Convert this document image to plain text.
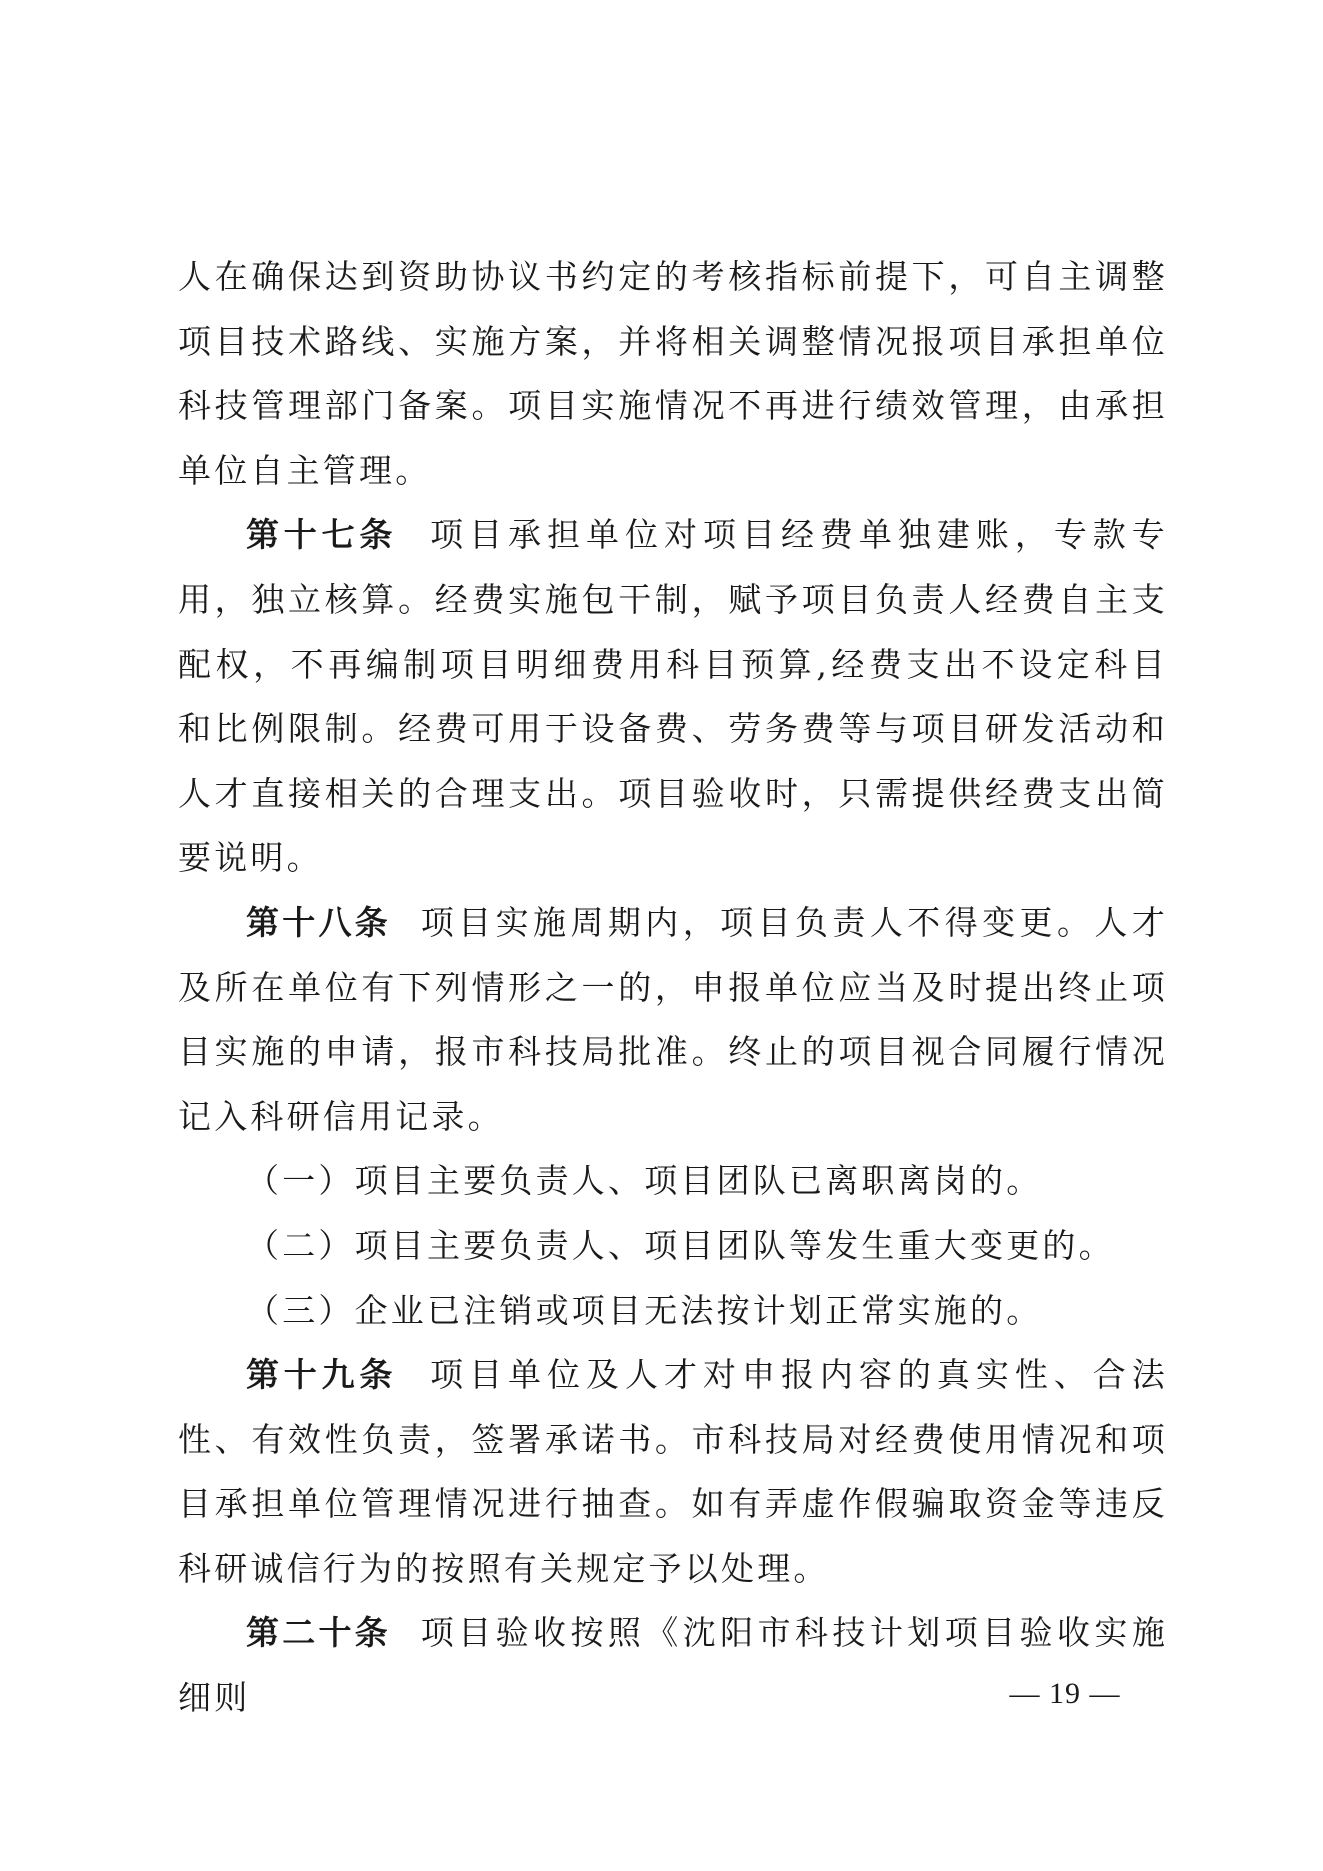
人在确保达到资助协议书约定的考核指标前提下，可自主调整项目技术路线、实施方案，并将相关调整情况报项目承担单位科技管理部门备案。项目实施情况不再进行绩效管理，由承担单位自主管理。

第十七条 项目承担单位对项目经费单独建账，专款专用，独立核算。经费实施包干制，赋予项目负责人经费自主支配权，不再编制项目明细费用科目预算,经费支出不设定科目和比例限制。经费可用于设备费、劳务费等与项目研发活动和人才直接相关的合理支出。项目验收时，只需提供经费支出简要说明。

第十八条 项目实施周期内，项目负责人不得变更。人才及所在单位有下列情形之一的，申报单位应当及时提出终止项目实施的申请，报市科技局批准。终止的项目视合同履行情况记入科研信用记录。

（一）项目主要负责人、项目团队已离职离岗的。

（二）项目主要负责人、项目团队等发生重大变更的。

（三）企业已注销或项目无法按计划正常实施的。

第十九条 项目单位及人才对申报内容的真实性、合法性、有效性负责，签署承诺书。市科技局对经费使用情况和项目承担单位管理情况进行抽查。如有弄虚作假骗取资金等违反科研诚信行为的按照有关规定予以处理。

第二十条 项目验收按照《沈阳市科技计划项目验收实施细则	— 19 —
